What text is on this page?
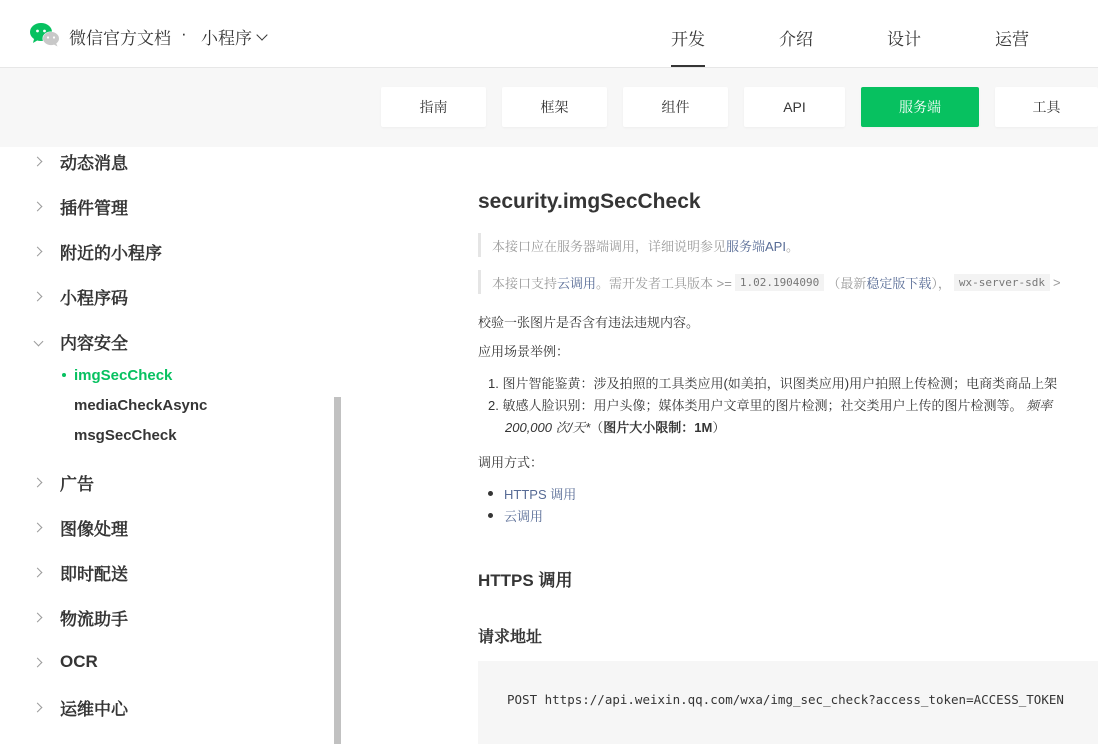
微信官方文档 · 小程序	开发	介绍	设计	运营
指南	框架	组件	API	服务端	工具
动态消息
插件管理
附近的小程序
小程序码
内容安全
imgSecCheck
mediaCheckAsync
msgSecCheck
广告
图像处理
即时配送
物流助手
OCR
运维中心
security.imgSecCheck
本接口应在服务器端调用，详细说明参见 服务端API 。
本接口支持 云调用 。需开发者工具版本 >= 1.02.1904090 （最新 稳定版下载 ）， wx-server-sdk >
校验一张图片是否含有违法违规内容。
应用场景举例：
1. 图片智能鉴黄：涉及拍照的工具类应用(如美拍，识图类应用)用户拍照上传检测；电商类商品上架
2. 敏感人脸识别：用户头像；媒体类用户文章里的图片检测；社交类用户上传的图片检测等。 频率
200,000 次/天*（图片大小限制：1M）
调用方式：
HTTPS 调用
云调用
HTTPS 调用
请求地址
POST https://api.weixin.qq.com/wxa/img_sec_check?access_token=ACCESS_TOKEN
